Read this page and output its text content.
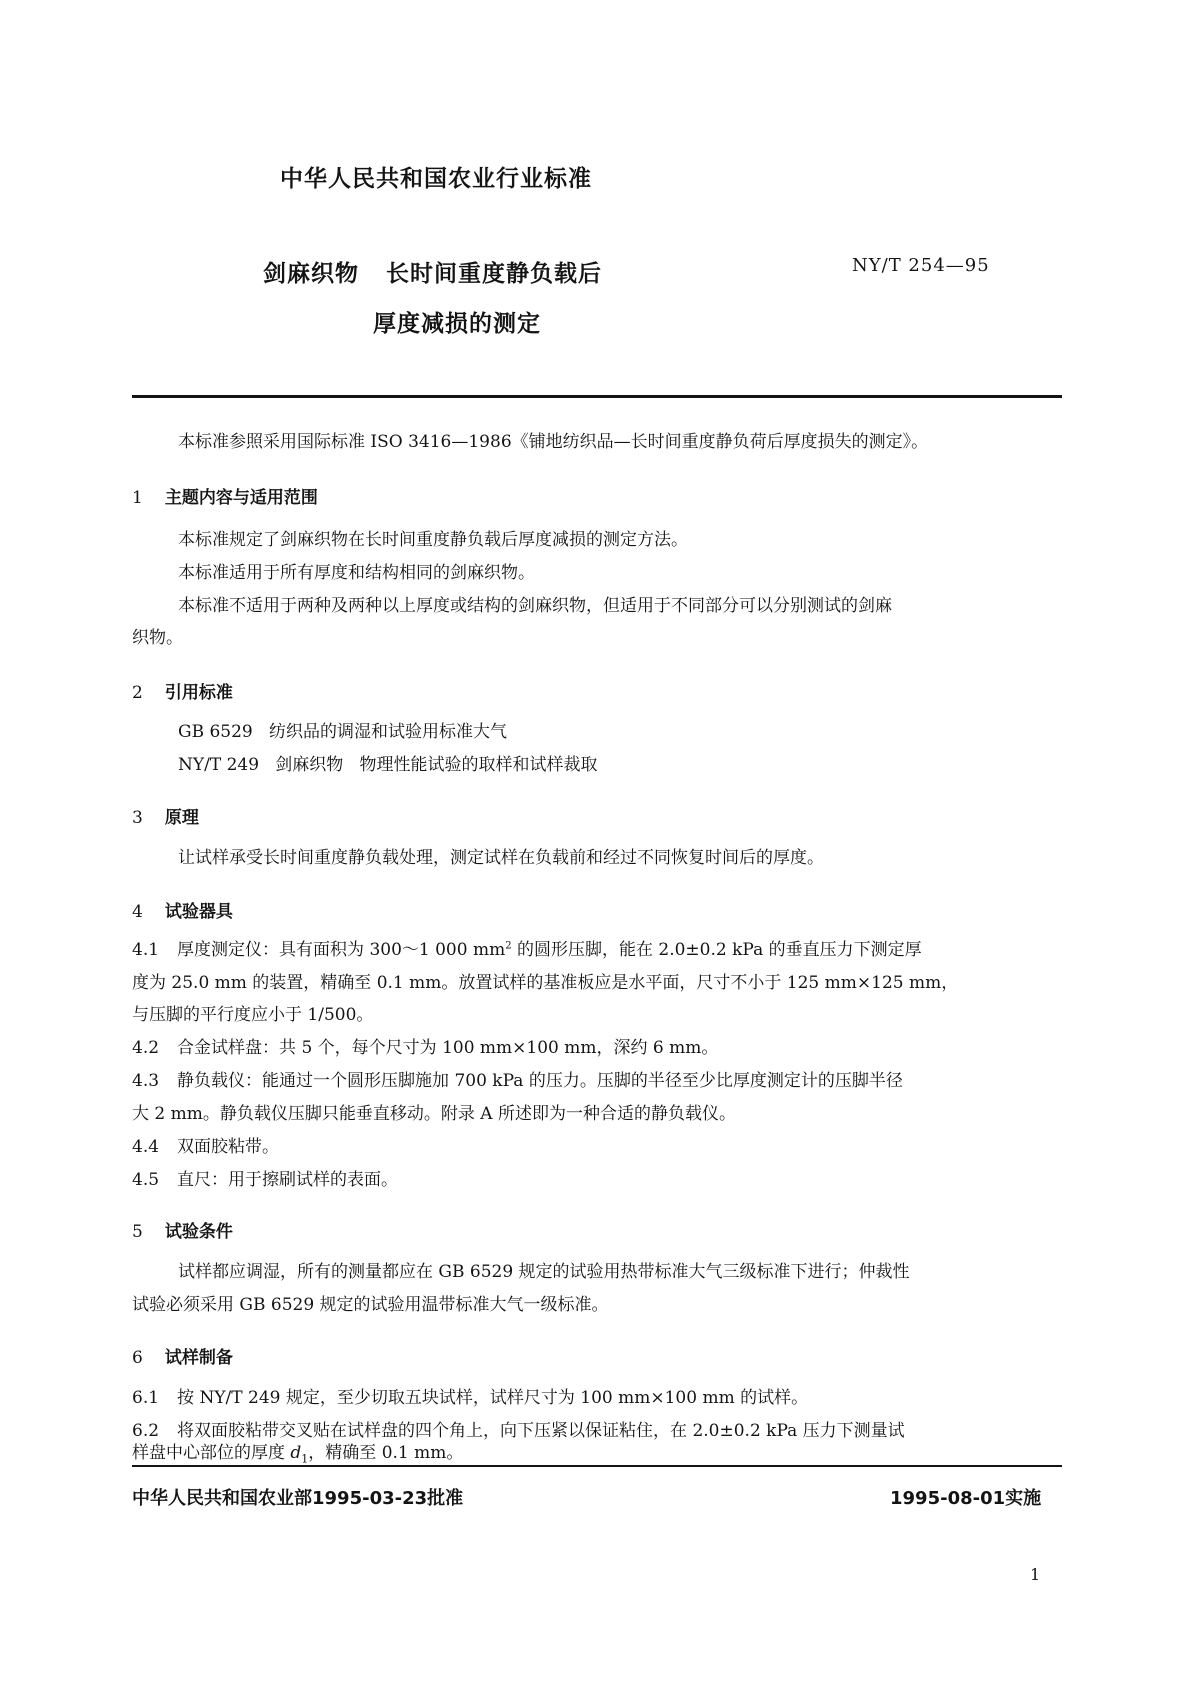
中华人民共和国农业行业标准
剑麻织物   长时间重度静负载后
厚度减损的测定
NY/T 254—95
本标准参照采用国际标准 ISO 3416—1986《铺地纺织品—长时间重度静负荷后厚度损失的测定》。
1 主题内容与适用范围
本标准规定了剑麻织物在长时间重度静负载后厚度减损的测定方法。
本标准适用于所有厚度和结构相同的剑麻织物。
本标准不适用于两种及两种以上厚度或结构的剑麻织物，但适用于不同部分可以分别测试的剑麻
织物。
2 引用标准
GB 6529   纺织品的调湿和试验用标准大气
NY/T 249   剑麻织物   物理性能试验的取样和试样裁取
3 原理
让试样承受长时间重度静负载处理，测定试样在负载前和经过不同恢复时间后的厚度。
4 试验器具
4.1 厚度测定仪：具有面积为 300～1 000 $mm^2$ 的圆形压脚，能在 2.0±0.2 kPa 的垂直压力下测定厚
度为 25.0 mm 的装置，精确至 0.1 mm。放置试样的基准板应是水平面，尺寸不小于 125 mm×125 mm，
与压脚的平行度应小于 1/500。
4.2 合金试样盘：共 5 个，每个尺寸为 100 mm×100 mm，深约 6 mm。
4.3 静负载仪：能通过一个圆形压脚施加 700 kPa 的压力。压脚的半径至少比厚度测定计的压脚半径
大 2 mm。静负载仪压脚只能垂直移动。附录 A 所述即为一种合适的静负载仪。
4.4 双面胶粘带。
4.5 直尺：用于擦刷试样的表面。
5 试验条件
试样都应调湿，所有的测量都应在 GB 6529 规定的试验用热带标准大气三级标准下进行；仲裁性
试验必须采用 GB 6529 规定的试验用温带标准大气一级标准。
6 试样制备
6.1 按 NY/T 249 规定，至少切取五块试样，试样尺寸为 100 mm×100 mm 的试样。
6.2 将双面胶粘带交叉贴在试样盘的四个角上，向下压紧以保证粘住，在 2.0±0.2 kPa 压力下测量试
样盘中心部位的厚度 $d_1$，精确至 0.1 mm。
中华人民共和国农业部1995-03-23批准	1995-08-01实施
1
